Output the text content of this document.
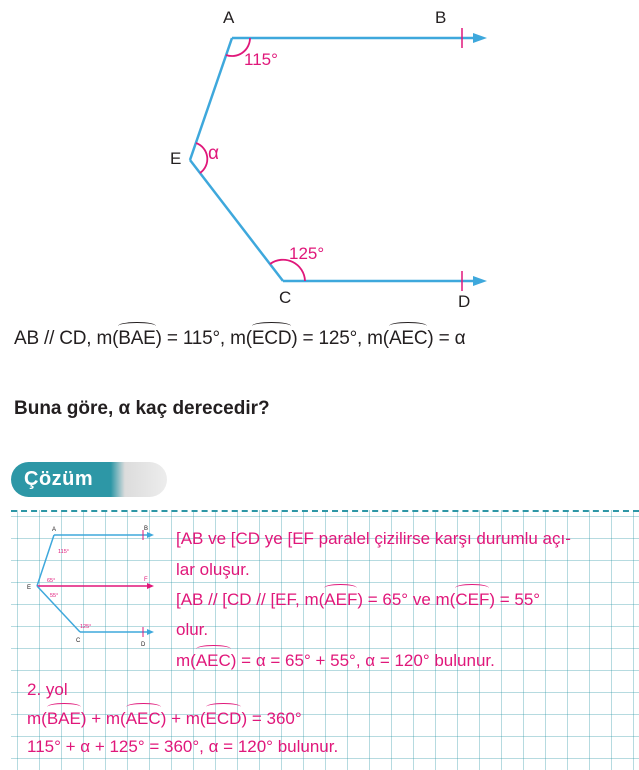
A	B
E
C	D
115°
α
125°
AB // CD, m(BAE) = 115°, m(ECD) = 125°, m(AEC) = α
Buna göre, α kaç derecedir?
Çözüm
A	B
E
F
C
D
115°
65°
55°
125°
[AB ve [CD ye [EF paralel çizilirse karşı durumlu açı-
lar oluşur.
[AB // [CD // [EF, m(AEF) = 65° ve m(CEF) = 55°
olur.
m(AEC) = α = 65° + 55°, α = 120° bulunur.
2. yol
m(BAE) + m(AEC) + m(ECD) = 360°
115° + α + 125° = 360°, α = 120° bulunur.
